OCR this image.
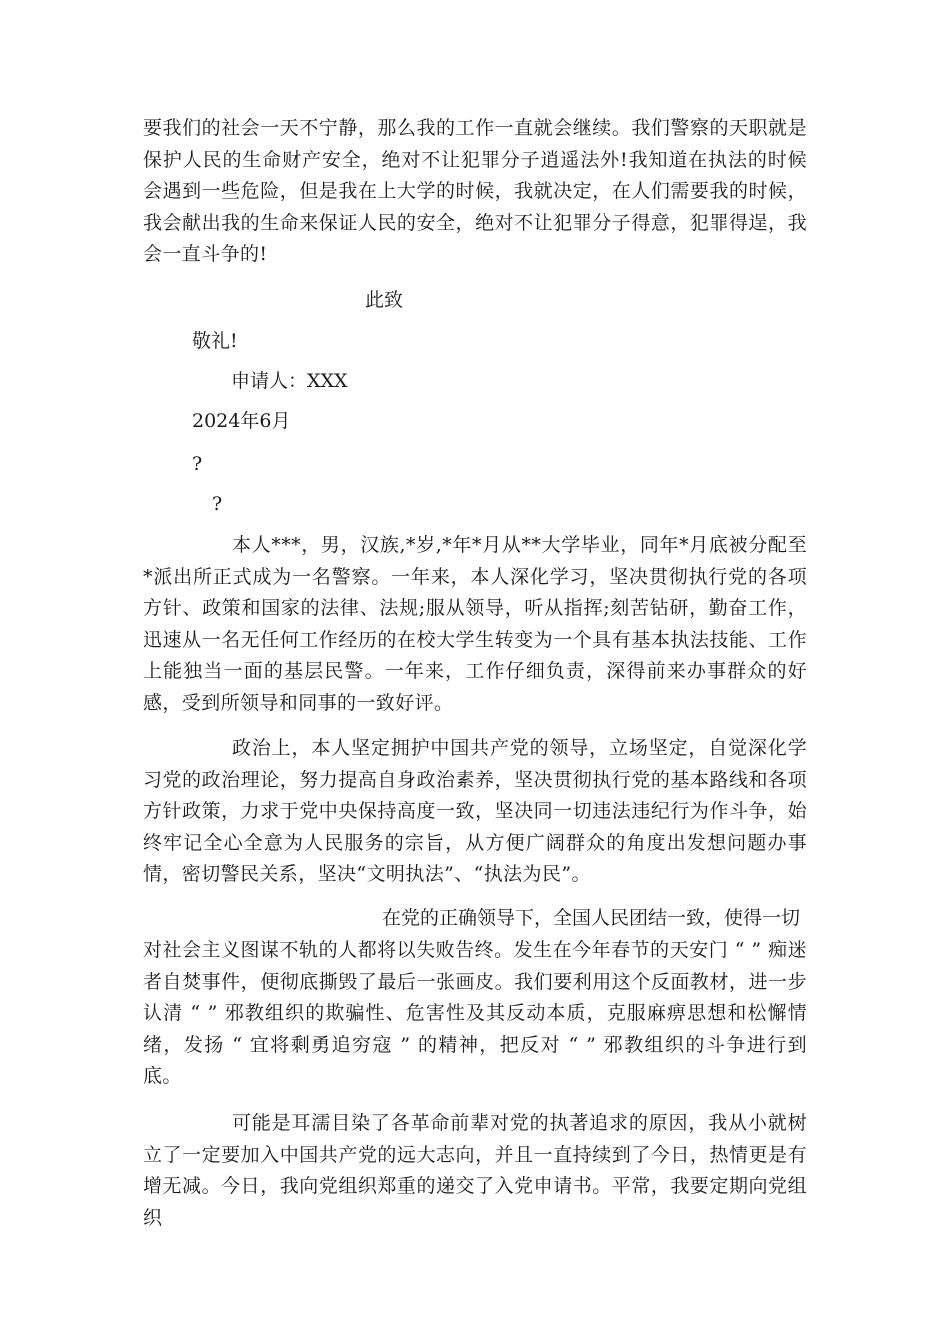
要我们的社会一天不宁静，那么我的工作一直就会继续。我们警察的天职就是保护人民的生命财产安全，绝对不让犯罪分子逍遥法外!我知道在执法的时候会遇到一些危险，但是我在上大学的时候，我就决定，在人们需要我的时候，我会献出我的生命来保证人民的安全，绝对不让犯罪分子得意，犯罪得逞，我会一直斗争的!

此致

敬礼!

申请人：XXX

2024年6月

?

?

本人***，男，汉族,*岁,*年*月从**大学毕业，同年*月底被分配至*派出所正式成为一名警察。一年来，本人深化学习，坚决贯彻执行党的各项方针、政策和国家的法律、法规;服从领导，听从指挥;刻苦钻研，勤奋工作，迅速从一名无任何工作经历的在校大学生转变为一个具有基本执法技能、工作上能独当一面的基层民警。一年来，工作仔细负责，深得前来办事群众的好感，受到所领导和同事的一致好评。

政治上，本人坚定拥护中国共产党的领导，立场坚定，自觉深化学习党的政治理论，努力提高自身政治素养，坚决贯彻执行党的基本路线和各项方针政策，力求于党中央保持高度一致，坚决同一切违法违纪行为作斗争，始终牢记全心全意为人民服务的宗旨，从方便广阔群众的角度出发想问题办事情，密切警民关系，坚决“文明执法”、“执法为民”。

在党的正确领导下，全国人民团结一致，使得一切

对社会主义图谋不轨的人都将以失败告终。发生在今年春节的天安门 “ ” 痴迷者自焚事件，便彻底撕毁了最后一张画皮。我们要利用这个反面教材，进一步认清 “ ” 邪教组织的欺骗性、危害性及其反动本质，克服麻痹思想和松懈情绪，发扬 “ 宜将剩勇追穷寇 ” 的精神，把反对 “ ” 邪教组织的斗争进行到底。

可能是耳濡目染了各革命前辈对党的执著追求的原因，我从小就树立了一定要加入中国共产党的远大志向，并且一直持续到了今日，热情更是有增无减。今日，我向党组织郑重的递交了入党申请书。平常，我要定期向党组织
